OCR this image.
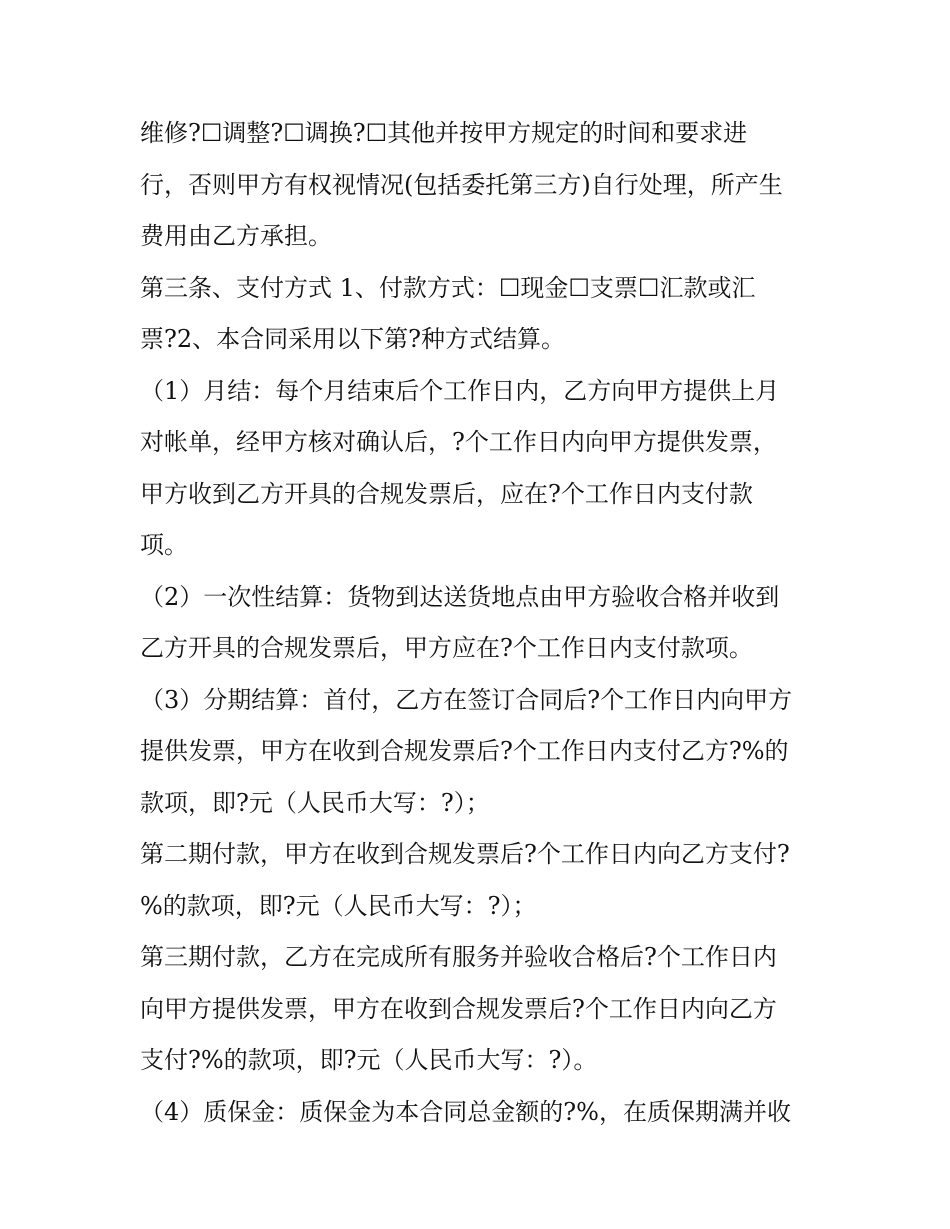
维修?☐调整?☐调换?☐其他并按甲方规定的时间和要求进
行，否则甲方有权视情况(包括委托第三方)自行处理，所产生
费用由乙方承担。
第三条、支付方式 1、付款方式：☐现金☐支票☐汇款或汇
票?2、本合同采用以下第?种方式结算。
（1）月结：每个月结束后个工作日内，乙方向甲方提供上月
对帐单，经甲方核对确认后，?个工作日内向甲方提供发票，
甲方收到乙方开具的合规发票后，应在?个工作日内支付款
项。
（2）一次性结算：货物到达送货地点由甲方验收合格并收到
乙方开具的合规发票后，甲方应在?个工作日内支付款项。
（3）分期结算：首付，乙方在签订合同后?个工作日内向甲方
提供发票，甲方在收到合规发票后?个工作日内支付乙方?%的
款项，即?元（人民币大写：?）；
第二期付款，甲方在收到合规发票后?个工作日内向乙方支付?
%的款项，即?元（人民币大写：?）；
第三期付款，乙方在完成所有服务并验收合格后?个工作日内
向甲方提供发票，甲方在收到合规发票后?个工作日内向乙方
支付?%的款项，即?元（人民币大写：?）。
（4）质保金：质保金为本合同总金额的?%，在质保期满并收
